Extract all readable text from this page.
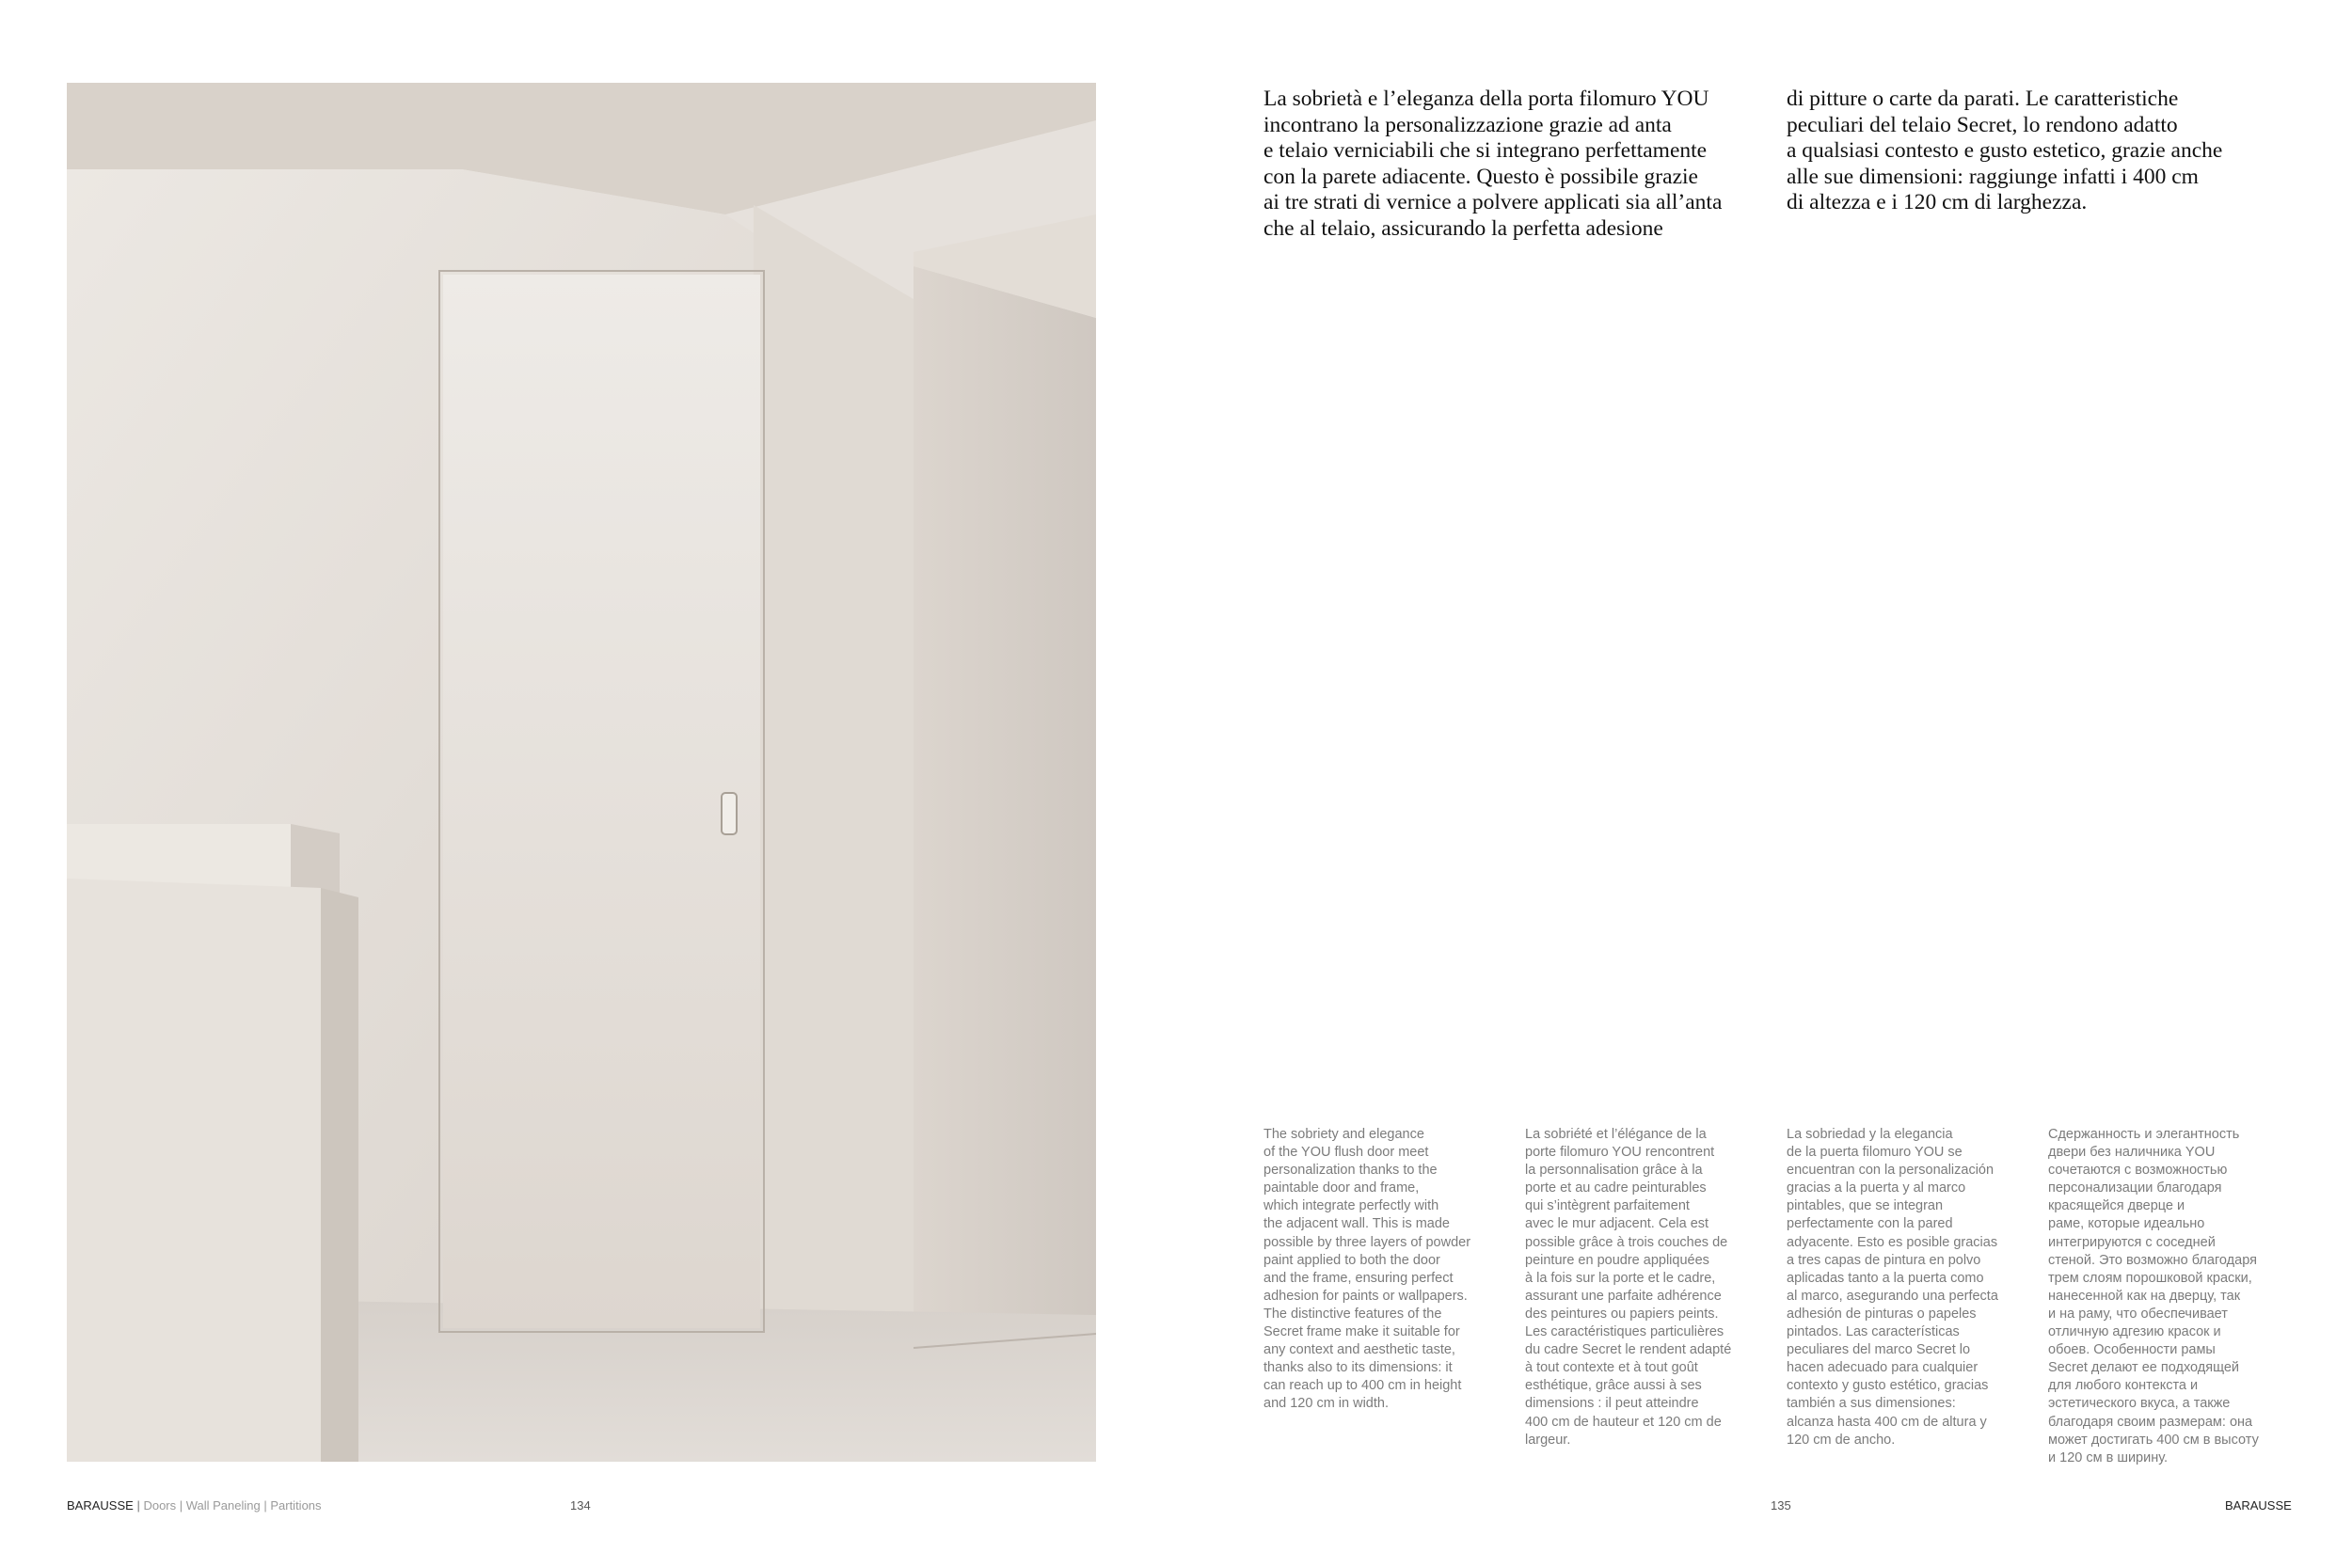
La sobrietà e l’eleganza della porta filomuro YOU
incontrano la personalizzazione grazie ad anta
e telaio verniciabili che si integrano perfettamente
con la parete adiacente. Questo è possibile grazie
ai tre strati di vernice a polvere applicati sia all’anta
che al telaio, assicurando la perfetta adesione

di pitture o carte da parati. Le caratteristiche
peculiari del telaio Secret, lo rendono adatto
a qualsiasi contesto e gusto estetico, grazie anche
alle sue dimensioni: raggiunge infatti i 400 cm
di altezza e i 120 cm di larghezza.

The sobriety and elegance
of the YOU flush door meet
personalization thanks to the
paintable door and frame,
which integrate perfectly with
the adjacent wall. This is made
possible by three layers of powder
paint applied to both the door
and the frame, ensuring perfect
adhesion for paints or wallpapers.
The distinctive features of the
Secret frame make it suitable for
any context and aesthetic taste,
thanks also to its dimensions: it
can reach up to 400 cm in height
and 120 cm in width.

La sobriété et l’élégance de la
porte filomuro YOU rencontrent
la personnalisation grâce à la
porte et au cadre peinturables
qui s’intègrent parfaitement
avec le mur adjacent. Cela est
possible grâce à trois couches de
peinture en poudre appliquées
à la fois sur la porte et le cadre,
assurant une parfaite adhérence
des peintures ou papiers peints.
Les caractéristiques particulières
du cadre Secret le rendent adapté
à tout contexte et à tout goût
esthétique, grâce aussi à ses
dimensions : il peut atteindre
400 cm de hauteur et 120 cm de
largeur.

La sobriedad y la elegancia
de la puerta filomuro YOU se
encuentran con la personalización
gracias a la puerta y al marco
pintables, que se integran
perfectamente con la pared
adyacente. Esto es posible gracias
a tres capas de pintura en polvo
aplicadas tanto a la puerta como
al marco, asegurando una perfecta
adhesión de pinturas o papeles
pintados. Las características
peculiares del marco Secret lo
hacen adecuado para cualquier
contexto y gusto estético, gracias
también a sus dimensiones:
alcanza hasta 400 cm de altura y
120 cm de ancho.

Сдержанность и элегантность
двери без наличника YOU
сочетаются с возможностью
персонализации благодаря
красящейся дверце и
раме, которые идеально
интегрируются с соседней
стеной. Это возможно благодаря
трем слоям порошковой краски,
нанесенной как на дверцу, так
и на раму, что обеспечивает
отличную адгезию красок и
обоев. Особенности рамы
Secret делают ее подходящей
для любого контекста и
эстетического вкуса, а также
благодаря своим размерам: она
может достигать 400 см в высоту
и 120 см в ширину.

BARAUSSE | Doors | Wall Paneling | Partitions	134	135	BARAUSSE
